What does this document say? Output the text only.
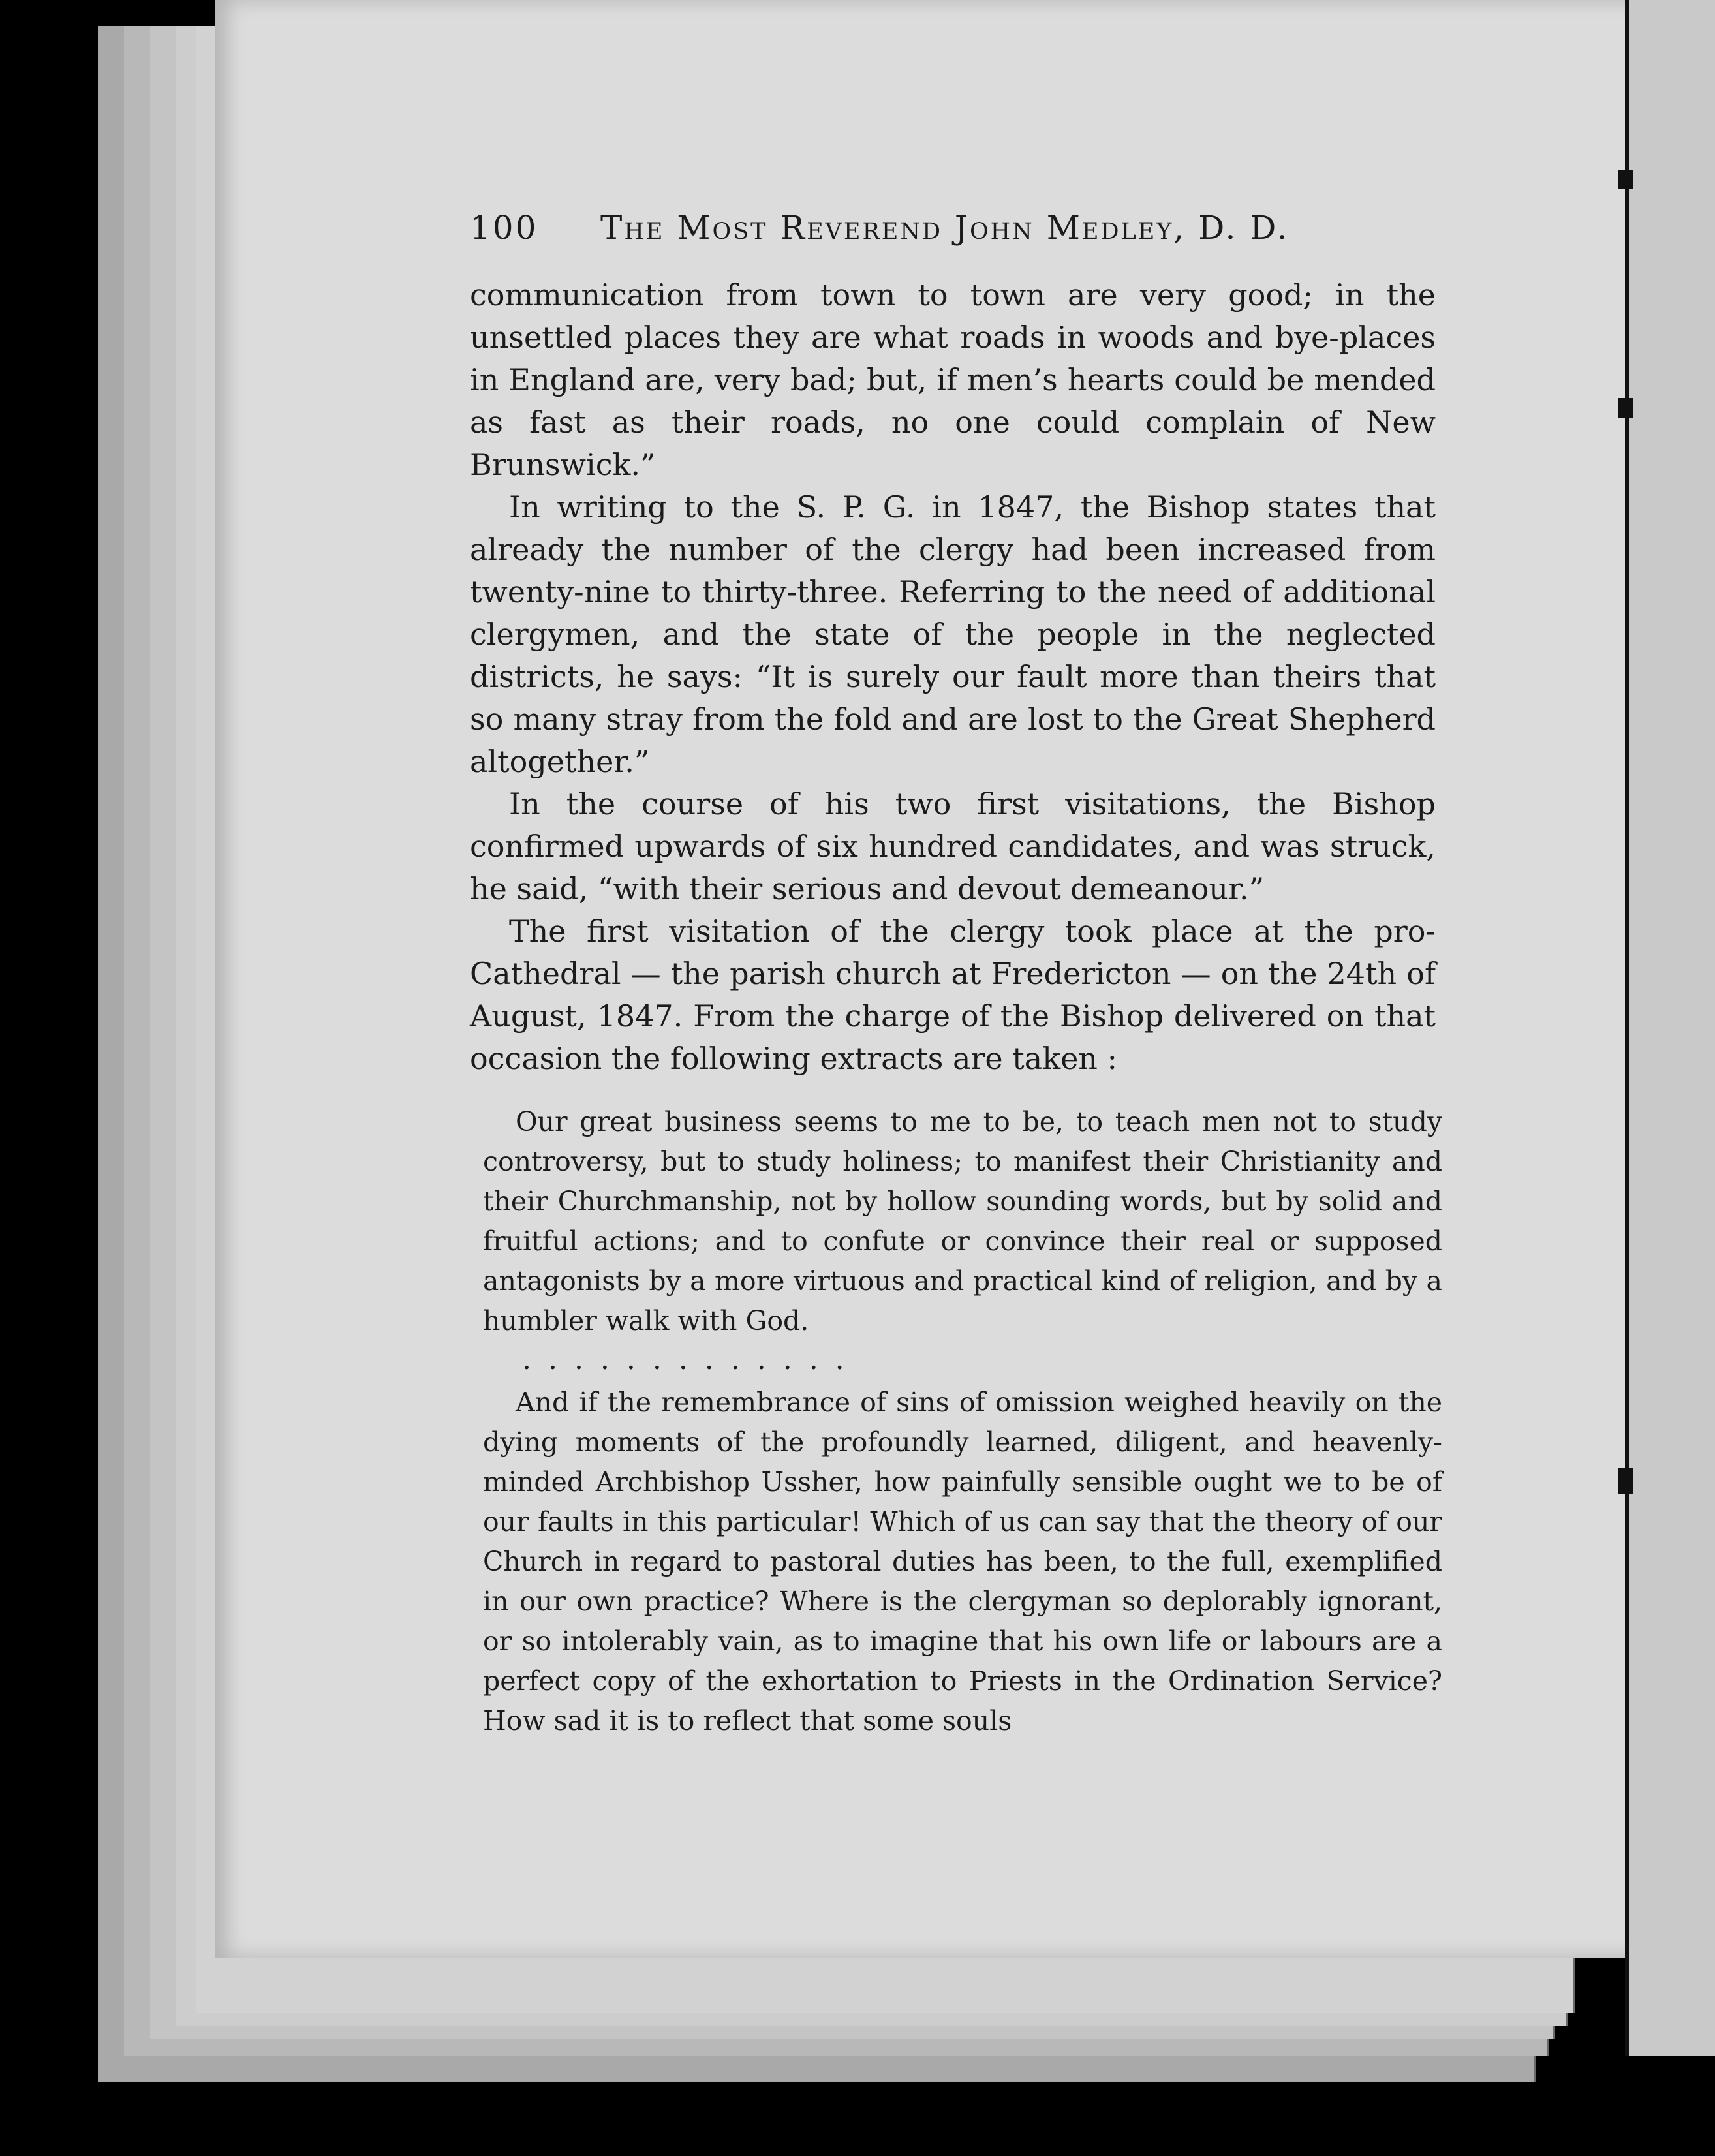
100 The Most Reverend John Medley, D. D.

communication from town to town are very good; in the unsettled places they are what roads in woods and bye-places in England are, very bad; but, if men’s hearts could be mended as fast as their roads, no one could complain of New Brunswick.”

In writing to the S. P. G. in 1847, the Bishop states that already the number of the clergy had been increased from twenty-nine to thirty-three. Referring to the need of additional clergymen, and the state of the people in the neglected districts, he says: “It is surely our fault more than theirs that so many stray from the fold and are lost to the Great Shepherd altogether.”

In the course of his two first visitations, the Bishop confirmed upwards of six hundred candidates, and was struck, he said, “with their serious and devout demeanour.”

The first visitation of the clergy took place at the pro-Cathedral — the parish church at Fredericton — on the 24th of August, 1847. From the charge of the Bishop delivered on that occasion the following extracts are taken :

Our great business seems to me to be, to teach men not to study controversy, but to study holiness; to manifest their Christianity and their Churchmanship, not by hollow sounding words, but by solid and fruitful actions; and to confute or convince their real or supposed antagonists by a more virtuous and practical kind of religion, and by a humbler walk with God.

. . . . . . . . . . . . .

And if the remembrance of sins of omission weighed heavily on the dying moments of the profoundly learned, diligent, and heavenly-minded Archbishop Ussher, how painfully sensible ought we to be of our faults in this particular! Which of us can say that the theory of our Church in regard to pastoral duties has been, to the full, exemplified in our own practice? Where is the clergyman so deplorably ignorant, or so intolerably vain, as to imagine that his own life or labours are a perfect copy of the exhortation to Priests in the Ordination Service? How sad it is to reflect that some souls
